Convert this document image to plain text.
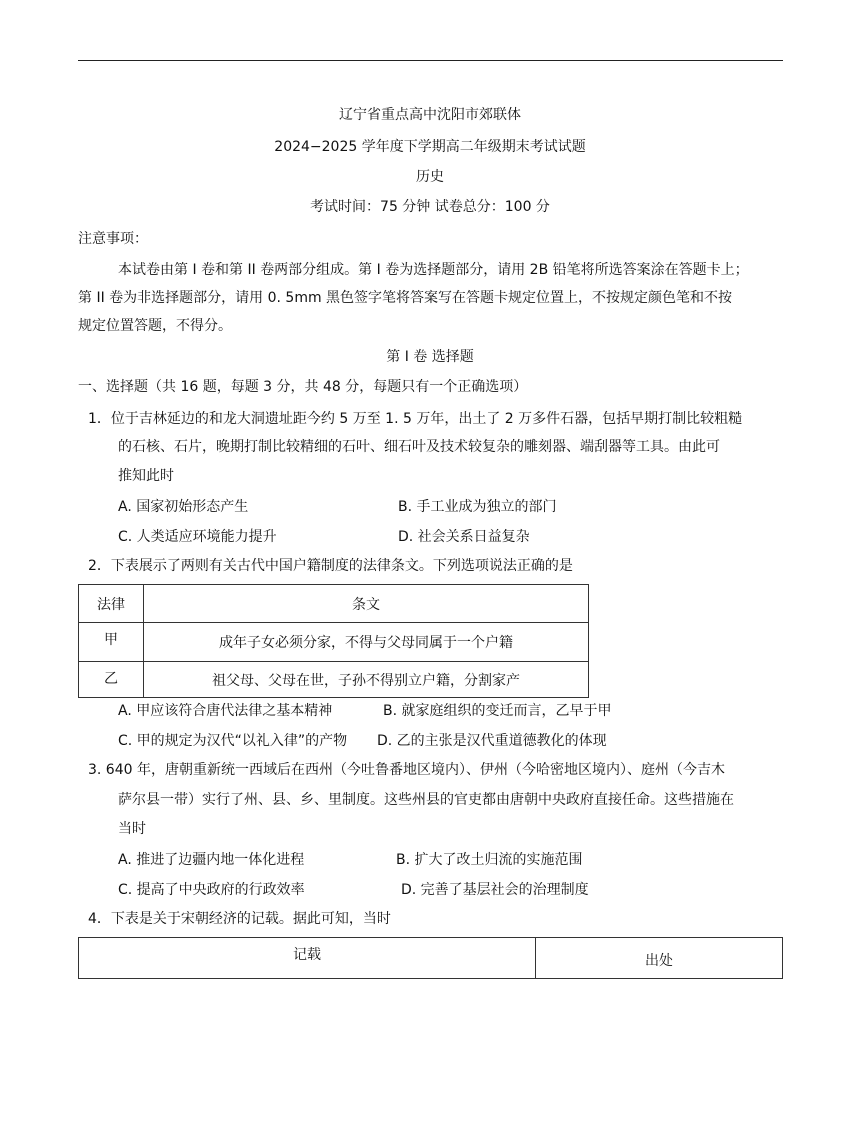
辽宁省重点高中沈阳市郊联体
2024−2025 学年度下学期高二年级期末考试试题
历史
考试时间：75 分钟 试卷总分：100 分
注意事项：
本试卷由第 I 卷和第 II 卷两部分组成。第 I 卷为选择题部分，请用 2B 铅笔将所选答案涂在答题卡上；
第 II 卷为非选择题部分，请用 0. 5mm 黑色签字笔将答案写在答题卡规定位置上，不按规定颜色笔和不按
规定位置答题，不得分。
第 I 卷 选择题
一、选择题（共 16 题，每题 3 分，共 48 分，每题只有一个正确选项）
1．位于吉林延边的和龙大洞遗址距今约 5 万至 1. 5 万年，出土了 2 万多件石器，包括早期打制比较粗糙
的石核、石片，晚期打制比较精细的石叶、细石叶及技术较复杂的雕刻器、端刮器等工具。由此可
推知此时
A. 国家初始形态产生	B. 手工业成为独立的部门
C. 人类适应环境能力提升	D. 社会关系日益复杂
2．下表展示了两则有关古代中国户籍制度的法律条文。下列选项说法正确的是
法律	条文
甲	成年子女必须分家，不得与父母同属于一个户籍
乙	祖父母、父母在世，子孙不得别立户籍，分割家产
A. 甲应该符合唐代法律之基本精神	B. 就家庭组织的变迁而言，乙早于甲
C. 甲的规定为汉代“以礼入律”的产物 D. 乙的主张是汉代重道德教化的体现
3. 640 年，唐朝重新统一西域后在西州（今吐鲁番地区境内）、伊州（今哈密地区境内）、庭州（今吉木
萨尔县一带）实行了州、县、乡、里制度。这些州县的官吏都由唐朝中央政府直接任命。这些措施在
当时
A. 推进了边疆内地一体化进程	B. 扩大了改土归流的实施范围
C. 提高了中央政府的行政效率	D. 完善了基层社会的治理制度
4．下表是关于宋朝经济的记载。据此可知，当时
记载	出处
